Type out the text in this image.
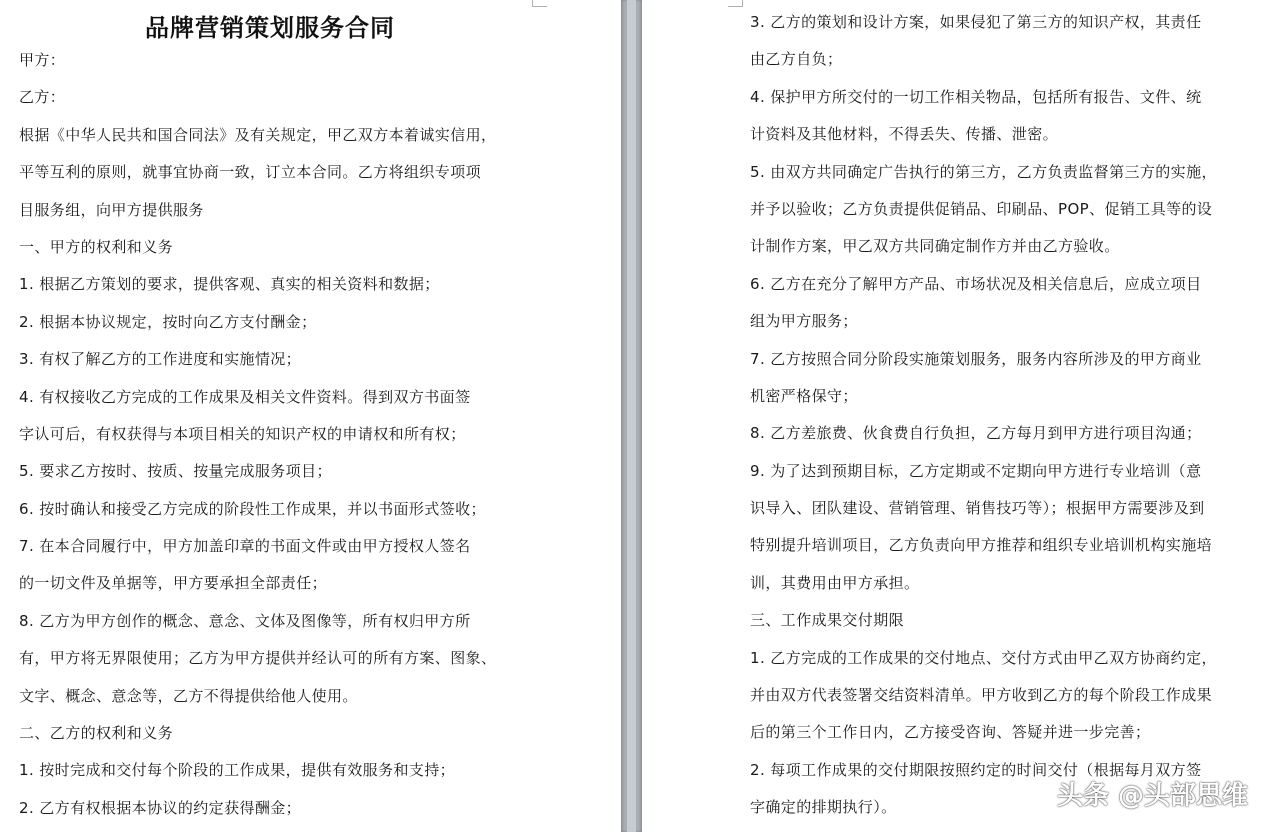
品牌营销策划服务合同
甲方：
乙方：
根据《中华人民共和国合同法》及有关规定，甲乙双方本着诚实信用，
平等互利的原则，就事宜协商一致，订立本合同。乙方将组织专项项
目服务组，向甲方提供服务
一、甲方的权利和义务
1. 根据乙方策划的要求，提供客观、真实的相关资料和数据；
2. 根据本协议规定，按时向乙方支付酬金；
3. 有权了解乙方的工作进度和实施情况；
4. 有权接收乙方完成的工作成果及相关文件资料。得到双方书面签
字认可后，有权获得与本项目相关的知识产权的申请权和所有权；
5. 要求乙方按时、按质、按量完成服务项目；
6. 按时确认和接受乙方完成的阶段性工作成果，并以书面形式签收；
7. 在本合同履行中，甲方加盖印章的书面文件或由甲方授权人签名
的一切文件及单据等，甲方要承担全部责任；
8. 乙方为甲方创作的概念、意念、文体及图像等，所有权归甲方所
有，甲方将无界限使用；乙方为甲方提供并经认可的所有方案、图象、
文字、概念、意念等，乙方不得提供给他人使用。
二、乙方的权利和义务
1. 按时完成和交付每个阶段的工作成果，提供有效服务和支持；
2. 乙方有权根据本协议的约定获得酬金；
3. 乙方的策划和设计方案，如果侵犯了第三方的知识产权，其责任
由乙方自负；
4. 保护甲方所交付的一切工作相关物品，包括所有报告、文件、统
计资料及其他材料，不得丢失、传播、泄密。
5. 由双方共同确定广告执行的第三方，乙方负责监督第三方的实施，
并予以验收；乙方负责提供促销品、印刷品、POP、促销工具等的设
计制作方案，甲乙双方共同确定制作方并由乙方验收。
6. 乙方在充分了解甲方产品、市场状况及相关信息后，应成立项目
组为甲方服务；
7. 乙方按照合同分阶段实施策划服务，服务内容所涉及的甲方商业
机密严格保守；
8. 乙方差旅费、伙食费自行负担，乙方每月到甲方进行项目沟通；
9. 为了达到预期目标，乙方定期或不定期向甲方进行专业培训（意
识导入、团队建设、营销管理、销售技巧等）；根据甲方需要涉及到
特别提升培训项目，乙方负责向甲方推荐和组织专业培训机构实施培
训，其费用由甲方承担。
三、工作成果交付期限
1. 乙方完成的工作成果的交付地点、交付方式由甲乙双方协商约定，
并由双方代表签署交结资料清单。甲方收到乙方的每个阶段工作成果
后的第三个工作日内，乙方接受咨询、答疑并进一步完善；
2. 每项工作成果的交付期限按照约定的时间交付（根据每月双方签
字确定的排期执行）。	头条 @头部思维
